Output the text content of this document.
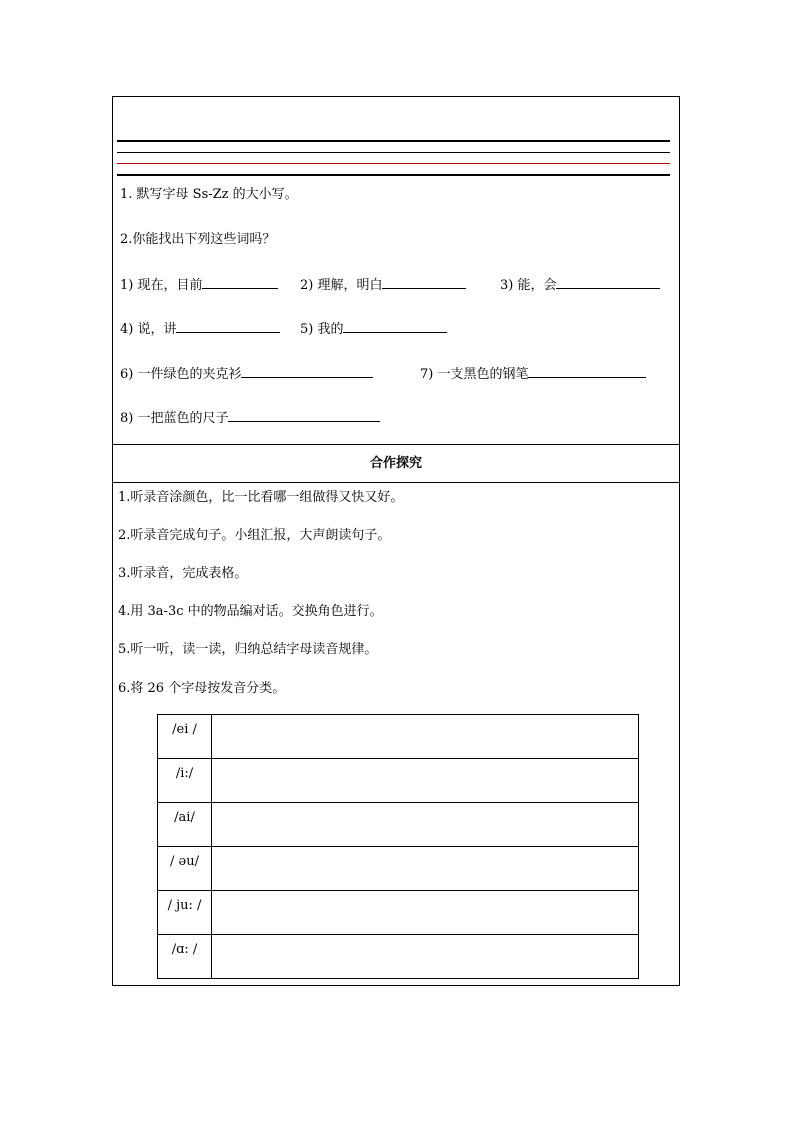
1. 默写字母 Ss-Zz 的大小写。
2.你能找出下列这些词吗？
1) 现在，目前	2) 理解，明白	3) 能，会
4) 说，讲	5) 我的
6) 一件绿色的夹克衫	7) 一支黑色的钢笔
8) 一把蓝色的尺子
合作探究
1.听录音涂颜色，比一比看哪一组做得又快又好。
2.听录音完成句子。小组汇报，大声朗读句子。
3.听录音，完成表格。
4.用 3a-3c 中的物品编对话。交换角色进行。
5.听一听，读一读，归纳总结字母读音规律。
6.将 26 个字母按发音分类。
/ei /	
/i:/	
/ai/	
/ əu/	
/ ju: /	
/ɑ: /	
